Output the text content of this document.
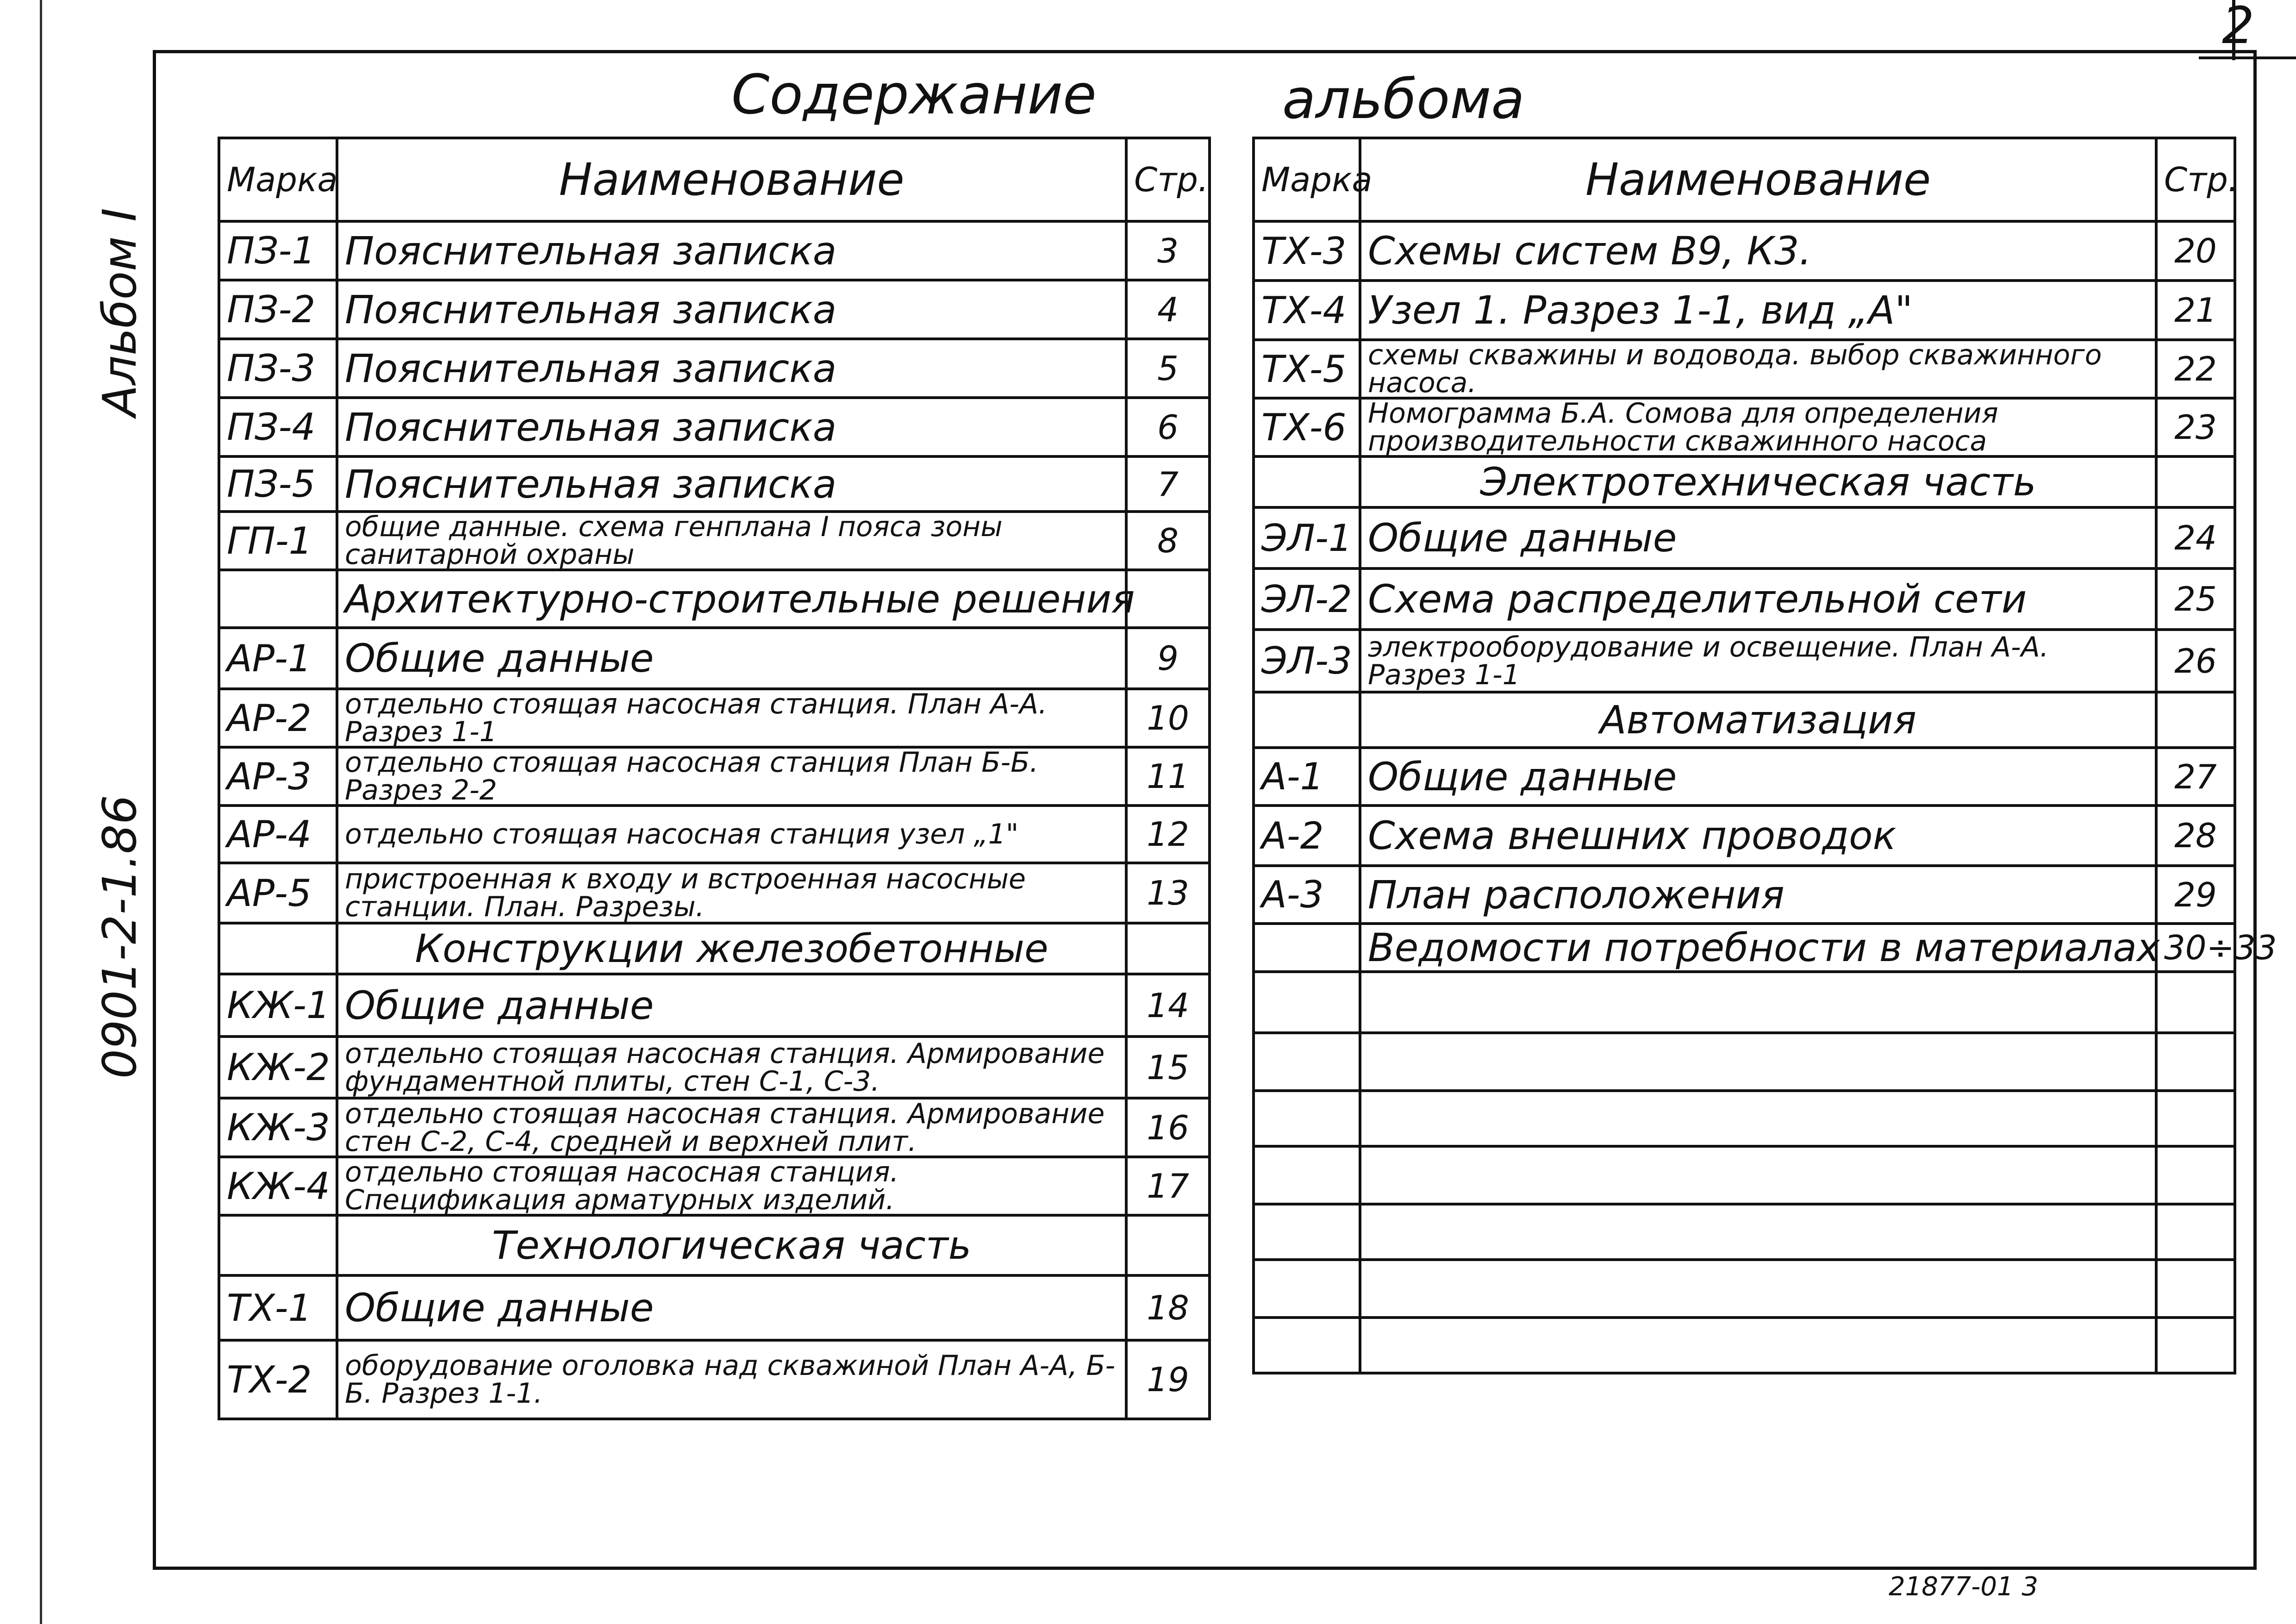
2
Альбом I
0901-2-1.86
Содержание	альбома
Марка	Наименование	Стр.
ПЗ-1	Пояснительная записка	3
ПЗ-2	Пояснительная записка	4
ПЗ-3	Пояснительная записка	5
ПЗ-4	Пояснительная записка	6
ПЗ-5	Пояснительная записка	7
ГП-1	общие данные. схема генплана I пояса зоны санитарной охраны	8
	Архитектурно-строительные решения	
АР-1	Общие данные	9
АР-2	отдельно стоящая насосная станция. План А-А. Разрез 1-1	10
АР-3	отдельно стоящая насосная станция План Б-Б. Разрез 2-2	11
АР-4	отдельно стоящая насосная станция узел „1"	12
АР-5	пристроенная к входу и встроенная насосные станции. План. Разрезы.	13
	Конструкции железобетонные	
КЖ-1	Общие данные	14
КЖ-2	отдельно стоящая насосная станция. Армирование фундаментной плиты, стен С-1, С-3.	15
КЖ-3	отдельно стоящая насосная станция. Армирование стен С-2, С-4, средней и верхней плит.	16
КЖ-4	отдельно стоящая насосная станция. Спецификация арматурных изделий.	17
	Технологическая часть	
ТХ-1	Общие данные	18
ТХ-2	оборудование оголовка над скважиной План А-А, Б-Б. Разрез 1-1.	19
Марка	Наименование	Стр.
ТХ-3	Схемы систем В9, К3.	20
ТХ-4	Узел 1. Разрез 1-1, вид „А"	21
ТХ-5	схемы скважины и водовода. выбор скважинного насоса.	22
ТХ-6	Номограмма Б.А. Сомова для определения производительности скважинного насоса	23
	Электротехническая часть	
ЭЛ-1	Общие данные	24
ЭЛ-2	Схема распределительной сети	25
ЭЛ-3	электрооборудование и освещение. План А-А. Разрез 1-1	26
	Автоматизация	
А-1	Общие данные	27
А-2	Схема внешних проводок	28
А-3	План расположения	29
	Ведомости потребности в материалах	30÷33

21877-01 3
